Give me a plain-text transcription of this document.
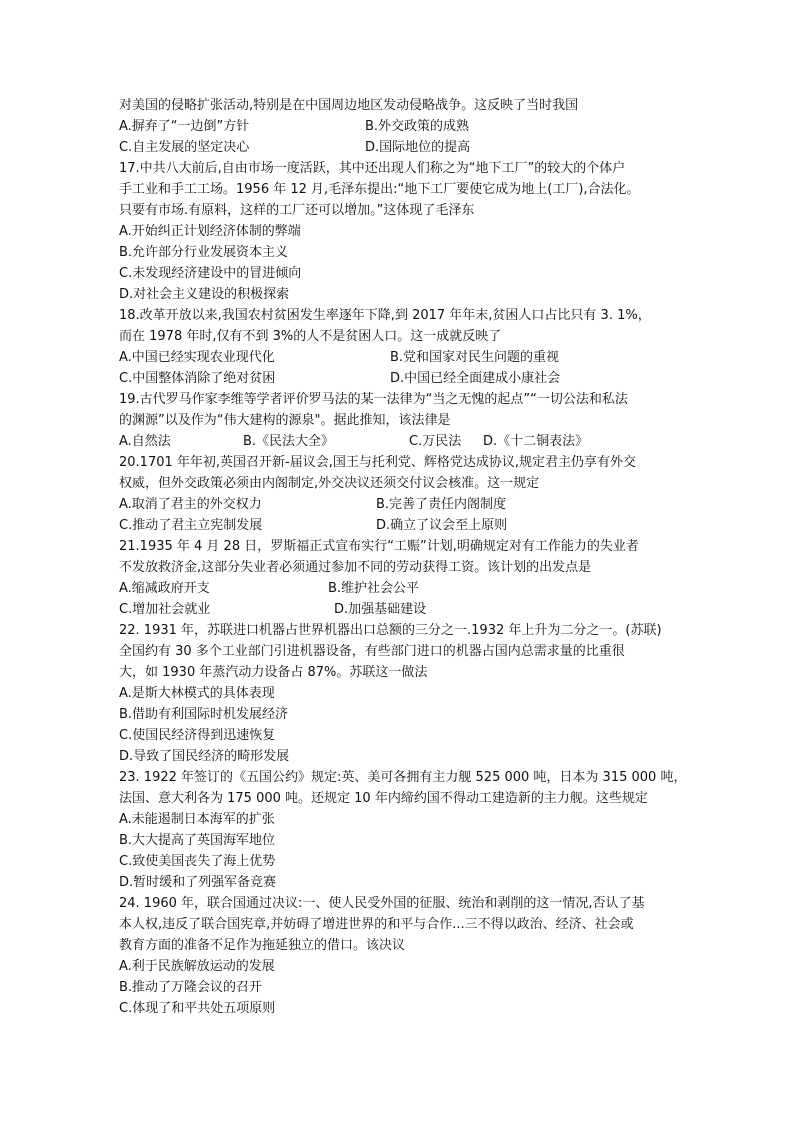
对美国的侵略扩张活动,特别是在中国周边地区发动侵略战争。这反映了当时我国

A.摒弃了“一边倒”方针	B.外交政策的成熟

C.自主发展的坚定决心	D.国际地位的提高

17.中共八大前后,自由市场一度活跃，其中还出现人们称之为“地下工厂”的较大的个体户

手工业和手工工场。1956 年 12 月,毛泽东提出:“地下工厂要使它成为地上(工厂),合法化。

只要有市场.有原料，这样的工厂还可以增加。”这体现了毛泽东

A.开始纠正计划经济体制的弊端

B.允许部分行业发展资本主义

C.未发现经济建设中的冒进倾向

D.对社会主义建设的积极探索

18.改革开放以来,我国农村贫困发生率逐年下降,到 2017 年年末,贫困人口占比只有 3. 1%，

而在 1978 年时,仅有不到 3%的人不是贫困人口。这一成就反映了

A.中国已经实现农业现代化	B.党和国家对民生问题的重视

C.中国整体消除了绝对贫困	D.中国已经全面建成小康社会

19.古代罗马作家李维等学者评价罗马法的某一法律为“当之无愧的起点”“一切公法和私法

的渊源”以及作为“伟大建构的源泉"。据此推知，该法律是

A.自然法	B.《民法大全》	C.万民法 D.《十二铜表法》

20.1701 年年初,英国召开新-届议会,国王与托利党、辉格党达成协议,规定君主仍享有外交

权威，但外交政策必须由内阁制定,外交决议还须交付议会核准。这一规定

A.取消了君主的外交权力	B.完善了责任内阁制度

C.推动了君主立宪制发展	D.确立了议会至上原则

21.1935 年 4 月 28 日，罗斯福正式宣布实行“工赈”计划,明确规定对有工作能力的失业者

不发放救济金,这部分失业者必须通过参加不同的劳动获得工资。该计划的出发点是

A.缩减政府开支	B.维护社会公平

C.增加社会就业	D.加强基础建设

22. 1931 年，苏联进口机器占世界机器出口总额的三分之一.1932 年上升为二分之一。(苏联)

全国约有 30 多个工业部门引进机器设备，有些部门进口的机器占国内总需求量的比重很

大，如 1930 年蒸汽动力设备占 87%。苏联这一做法

A.是斯大林模式的具体表现

B.借助有利国际时机发展经济

C.使国民经济得到迅速恢复

D.导致了国民经济的畸形发展

23. 1922 年签订的《五国公约》规定:英、美可各拥有主力舰 525 000 吨，日本为 315 000 吨，

法国、意大利各为 175 000 吨。还规定 10 年内缔约国不得动工建造新的主力舰。这些规定

A.未能遏制日本海军的扩张

B.大大提高了英国海军地位

C.致使美国丧失了海上优势

D.暂时缓和了列强军备竞赛

24. 1960 年，联合国通过决议:一、使人民受外国的征服、统治和剥削的这一情况,否认了基

本人权,违反了联合国宪章,并妨碍了增进世界的和平与合作...三不得以政治、经济、社会或

教育方面的准备不足作为拖延独立的借口。该决议

A.利于民族解放运动的发展

B.推动了万隆会议的召开

C.体现了和平共处五项原则
